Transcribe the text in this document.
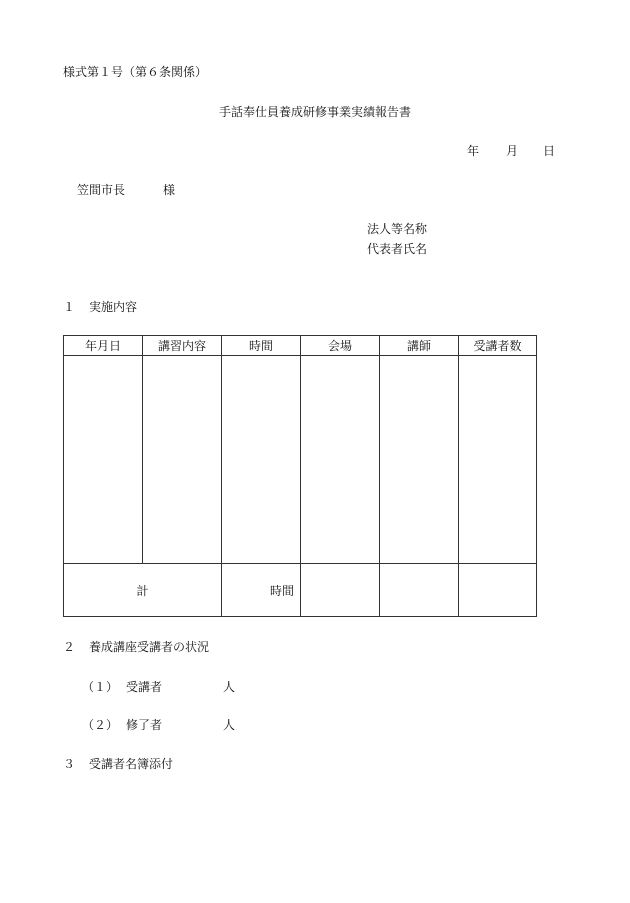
様式第１号（第６条関係）
手話奉仕員養成研修事業実績報告書
年 月 日
笠間市長	様
法人等名称
代表者氏名
１ 実施内容
年月日	講習内容	時間	会場	講師	受講者数

計		時間			
２ 養成講座受講者の状況
（１） 受講者	人
（２） 修了者	人
３ 受講者名簿添付
